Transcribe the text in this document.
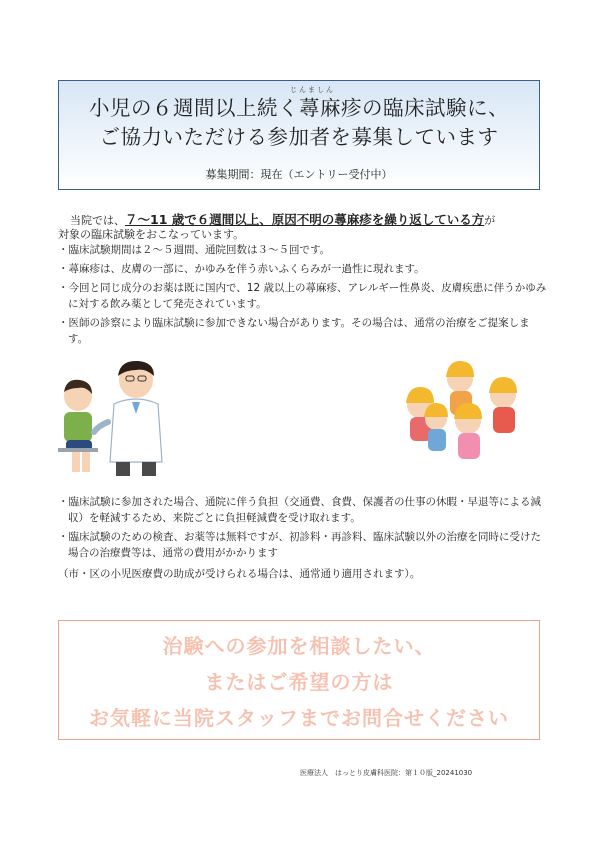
じんましん
小児の６週間以上続く蕁麻疹の臨床試験に、
ご協力いただける参加者を募集しています
募集期間：現在（エントリー受付中）
当院では、７〜11 歳で６週間以上、原因不明の蕁麻疹を繰り返している方が
対象の臨床試験をおこなっています。
・臨床試験期間は２〜５週間、通院回数は３〜５回です。
・蕁麻疹は、皮膚の一部に、かゆみを伴う赤いふくらみが一過性に現れます。
・今回と同じ成分のお薬は既に国内で、12 歳以上の蕁麻疹、アレルギー性鼻炎、皮膚疾患に伴うかゆみに対する飲み薬として発売されています。
・医師の診察により臨床試験に参加できない場合があります。その場合は、通常の治療をご提案します。
・臨床試験に参加された場合、通院に伴う負担（交通費、食費、保護者の仕事の休暇・早退等による減収）を軽減するため、来院ごとに負担軽減費を受け取れます。
・臨床試験のための検査、お薬等は無料ですが、初診料・再診料、臨床試験以外の治療を同時に受けた場合の治療費等は、通常の費用がかかります
（市・区の小児医療費の助成が受けられる場合は、通常通り適用されます）。
治験への参加を相談したい、
またはご希望の方は
お気軽に当院スタッフまでお問合せください
医療法人　はっとり皮膚科医院：第１０版_20241030
